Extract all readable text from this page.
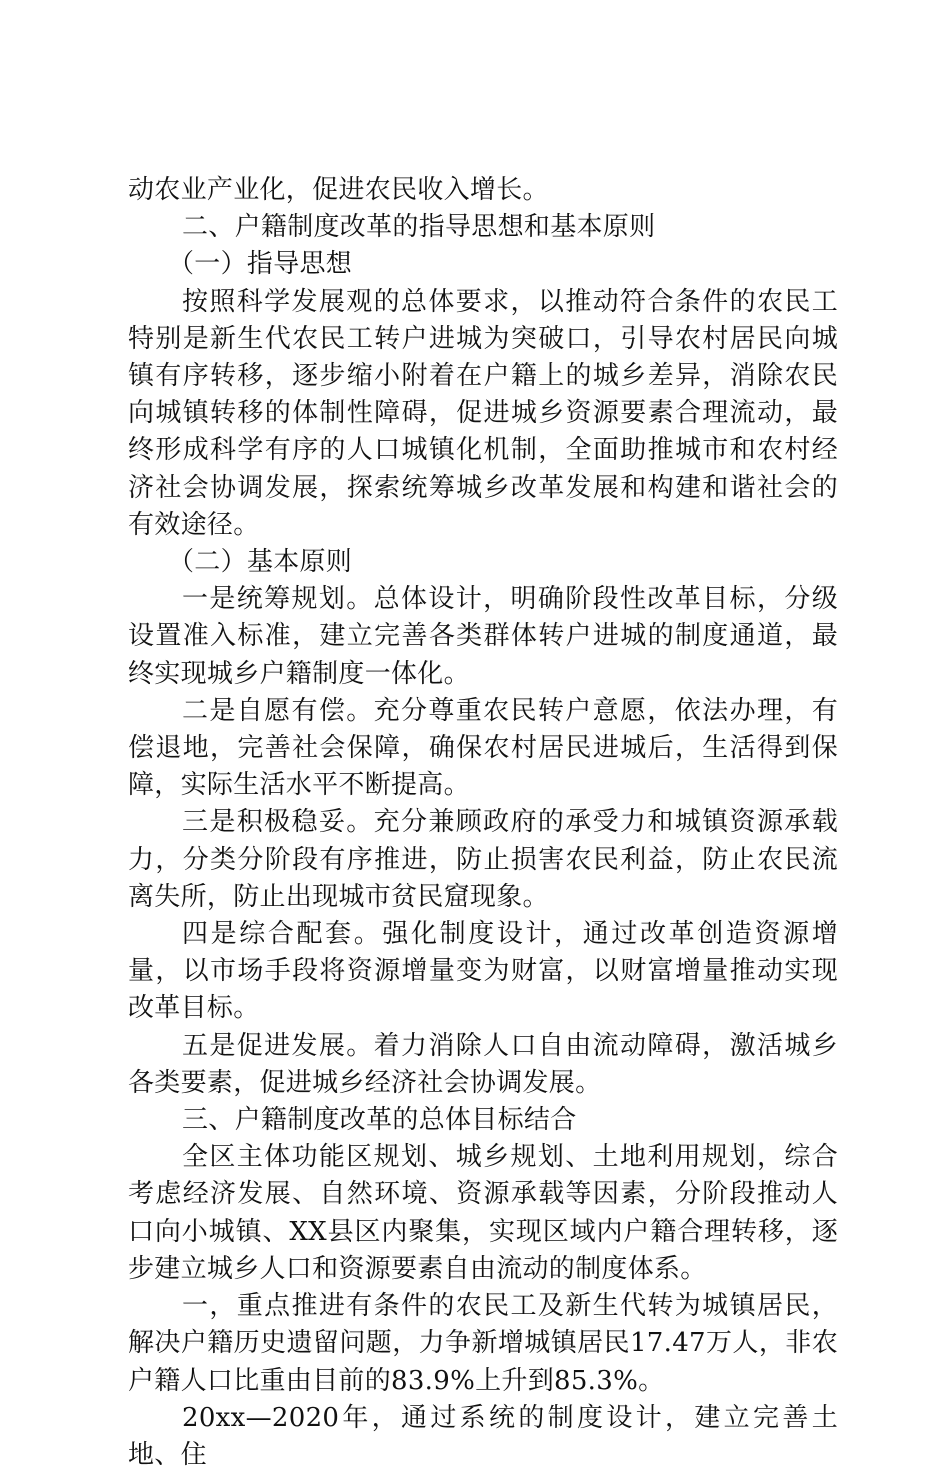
动农业产业化，促进农民收入增长。

二、户籍制度改革的指导思想和基本原则

（一）指导思想

按照科学发展观的总体要求，以推动符合条件的农民工特别是新生代农民工转户进城为突破口，引导农村居民向城镇有序转移，逐步缩小附着在户籍上的城乡差异，消除农民向城镇转移的体制性障碍，促进城乡资源要素合理流动，最终形成科学有序的人口城镇化机制，全面助推城市和农村经济社会协调发展，探索统筹城乡改革发展和构建和谐社会的有效途径。

（二）基本原则

一是统筹规划。总体设计，明确阶段性改革目标，分级设置准入标准，建立完善各类群体转户进城的制度通道，最终实现城乡户籍制度一体化。

二是自愿有偿。充分尊重农民转户意愿，依法办理，有偿退地，完善社会保障，确保农村居民进城后，生活得到保障，实际生活水平不断提高。

三是积极稳妥。充分兼顾政府的承受力和城镇资源承载力，分类分阶段有序推进，防止损害农民利益，防止农民流离失所，防止出现城市贫民窟现象。

四是综合配套。强化制度设计，通过改革创造资源增量，以市场手段将资源增量变为财富，以财富增量推动实现改革目标。

五是促进发展。着力消除人口自由流动障碍，激活城乡各类要素，促进城乡经济社会协调发展。

三、户籍制度改革的总体目标结合

全区主体功能区规划、城乡规划、土地利用规划，综合考虑经济发展、自然环境、资源承载等因素，分阶段推动人口向小城镇、XX县区内聚集，实现区域内户籍合理转移，逐步建立城乡人口和资源要素自由流动的制度体系。

一，重点推进有条件的农民工及新生代转为城镇居民，解决户籍历史遗留问题，力争新增城镇居民17.47万人，非农户籍人口比重由目前的83.9%上升到85.3%。

20xx—2020年，通过系统的制度设计，建立完善土地、住
